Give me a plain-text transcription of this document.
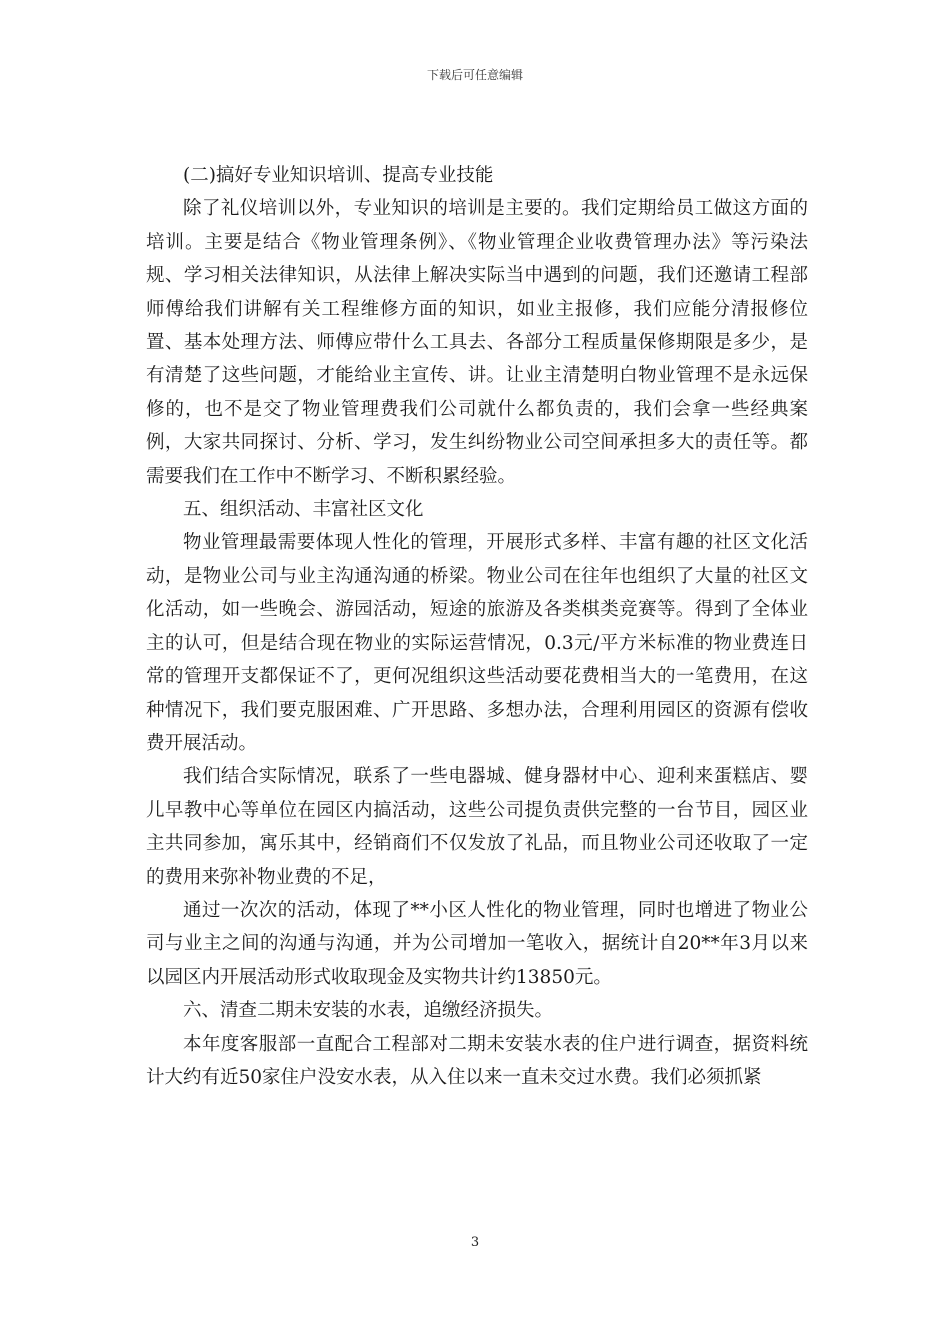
下载后可任意编辑

(二)搞好专业知识培训、提高专业技能

除了礼仪培训以外，专业知识的培训是主要的。我们定期给员工做这方面的培训。主要是结合《物业管理条例》、《物业管理企业收费管理办法》等污染法规、学习相关法律知识，从法律上解决实际当中遇到的问题，我们还邀请工程部师傅给我们讲解有关工程维修方面的知识，如业主报修，我们应能分清报修位置、基本处理方法、师傅应带什么工具去、各部分工程质量保修期限是多少，是有清楚了这些问题，才能给业主宣传、讲。让业主清楚明白物业管理不是永远保修的，也不是交了物业管理费我们公司就什么都负责的，我们会拿一些经典案例，大家共同探讨、分析、学习，发生纠纷物业公司空间承担多大的责任等。都需要我们在工作中不断学习、不断积累经验。

五、组织活动、丰富社区文化

物业管理最需要体现人性化的管理，开展形式多样、丰富有趣的社区文化活动，是物业公司与业主沟通沟通的桥梁。物业公司在往年也组织了大量的社区文化活动，如一些晚会、游园活动，短途的旅游及各类棋类竞赛等。得到了全体业主的认可，但是结合现在物业的实际运营情况，0.3元/平方米标准的物业费连日常的管理开支都保证不了，更何况组织这些活动要花费相当大的一笔费用，在这种情况下，我们要克服困难、广开思路、多想办法，合理利用园区的资源有偿收费开展活动。

我们结合实际情况，联系了一些电器城、健身器材中心、迎利来蛋糕店、婴儿早教中心等单位在园区内搞活动，这些公司提负责供完整的一台节目，园区业主共同参加，寓乐其中，经销商们不仅发放了礼品，而且物业公司还收取了一定的费用来弥补物业费的不足，

通过一次次的活动，体现了**小区人性化的物业管理，同时也增进了物业公司与业主之间的沟通与沟通，并为公司增加一笔收入，据统计自20**年3月以来以园区内开展活动形式收取现金及实物共计约13850元。

六、清查二期未安装的水表，追缴经济损失。

本年度客服部一直配合工程部对二期未安装水表的住户进行调查，据资料统计大约有近50家住户没安水表，从入住以来一直未交过水费。我们必须抓紧

3
